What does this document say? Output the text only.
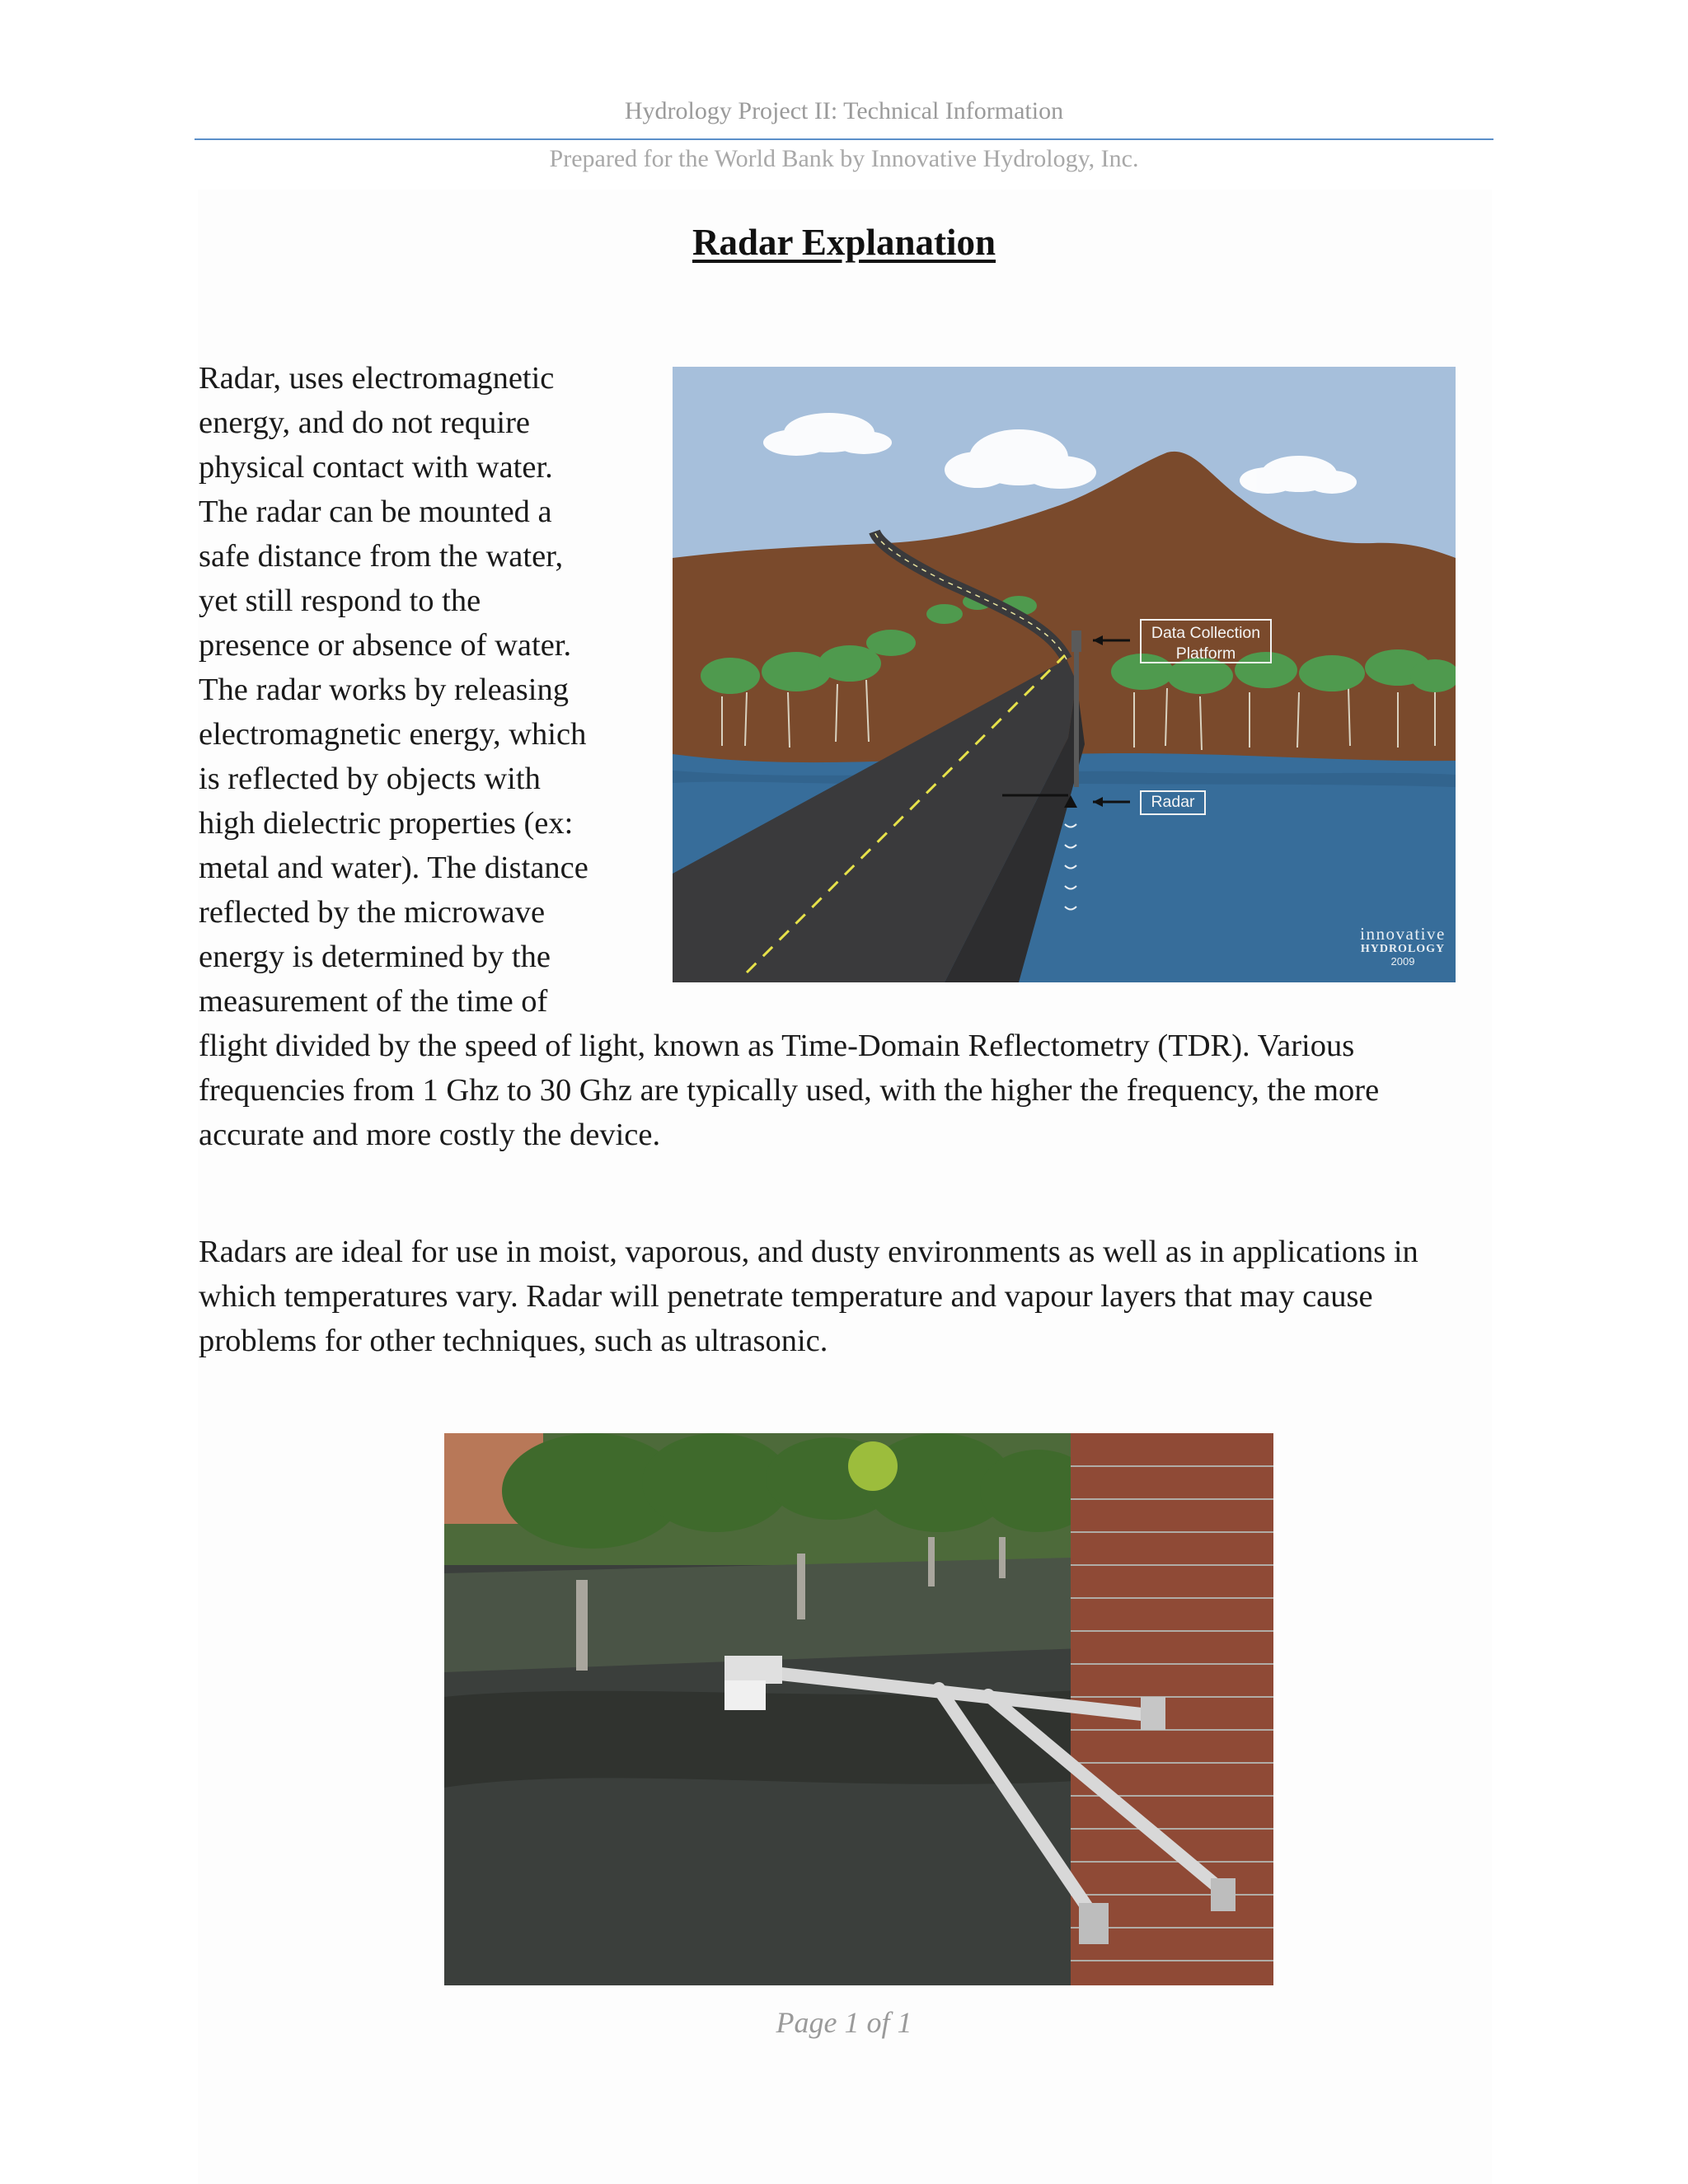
Hydrology Project II: Technical Information
Prepared for the World Bank by Innovative Hydrology, Inc.
Radar Explanation
Radar, uses electromagnetic
energy, and do not require
physical contact with water.
The radar can be mounted a
safe distance from the water,
yet still respond to the
presence or absence of water.
The radar works by releasing
electromagnetic energy, which
is reflected by objects with
high dielectric properties (ex:
metal and water). The distance
reflected by the microwave
energy is determined by the
measurement of the time of
flight divided by the speed of light, known as Time-Domain Reflectometry (TDR). Various
frequencies from 1 Ghz to 30 Ghz are typically used, with the higher the frequency, the more
accurate and more costly the device.
Data Collection
Platform
Radar
innovative
HYDROLOGY
2009
Radars are ideal for use in moist, vaporous, and dusty environments as well as in applications in
which temperatures vary. Radar will penetrate temperature and vapour layers that may cause
problems for other techniques, such as ultrasonic.
Page 1 of 1
